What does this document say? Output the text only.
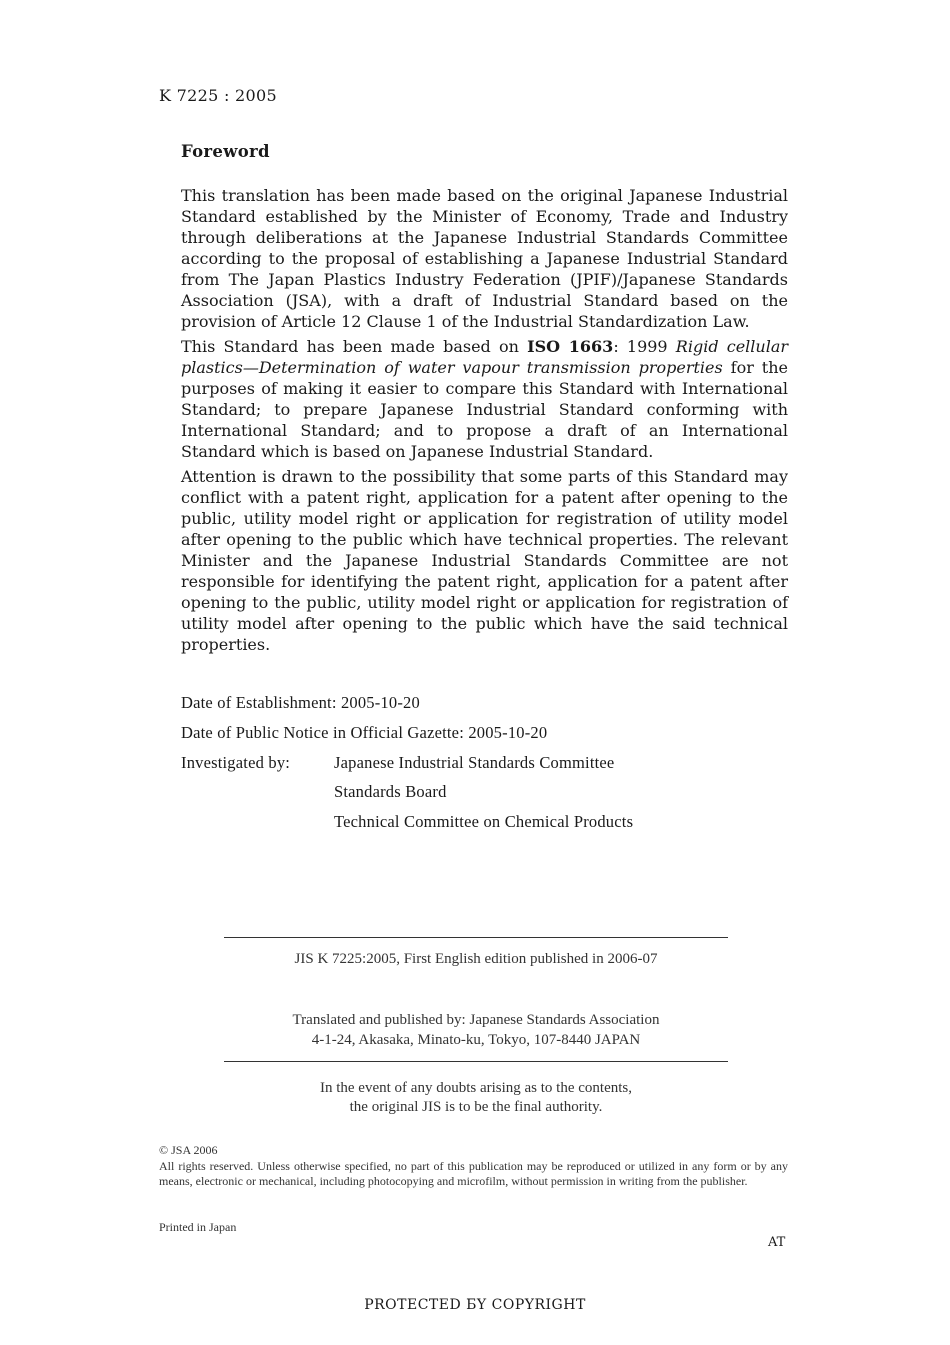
K 7225 : 2005
Foreword

This translation has been made based on the original Japanese Industrial Standard established by the Minister of Economy, Trade and Industry through deliberations at the Japanese Industrial Standards Committee according to the proposal of establishing a Japanese Industrial Standard from The Japan Plastics Industry Federation (JPIF)/Japanese Standards Association (JSA), with a draft of Industrial Standard based on the provision of Article 12 Clause 1 of the Industrial Standardization Law.

This Standard has been made based on ISO 1663: 1999 Rigid cellular plastics—Determination of water vapour transmission properties for the purposes of making it easier to compare this Standard with International Standard; to prepare Japanese Industrial Standard conforming with International Standard; and to propose a draft of an International Standard which is based on Japanese Industrial Standard.

Attention is drawn to the possibility that some parts of this Standard may conflict with a patent right, application for a patent after opening to the public, utility model right or application for registration of utility model after opening to the public which have technical properties. The relevant Minister and the Japanese Industrial Standards Committee are not responsible for identifying the patent right, application for a patent after opening to the public, utility model right or application for registration of utility model after opening to the public which have the said technical properties.

Date of Establishment: 2005-10-20
Date of Public Notice in Official Gazette: 2005-10-20
Investigated by:	Japanese Industrial Standards Committee
Standards Board
Technical Committee on Chemical Products
JIS K 7225:2005, First English edition published in 2006-07
Translated and published by: Japanese Standards Association
4-1-24, Akasaka, Minato-ku, Tokyo, 107-8440 JAPAN
In the event of any doubts arising as to the contents,
the original JIS is to be the final authority.
© JSA 2006
All rights reserved. Unless otherwise specified, no part of this publication may be reproduced or utilized in any form or by any means, electronic or mechanical, including photocopying and microfilm, without permission in writing from the publisher.
Printed in Japan
AT
PROTECTED БY COPYRIGHT
